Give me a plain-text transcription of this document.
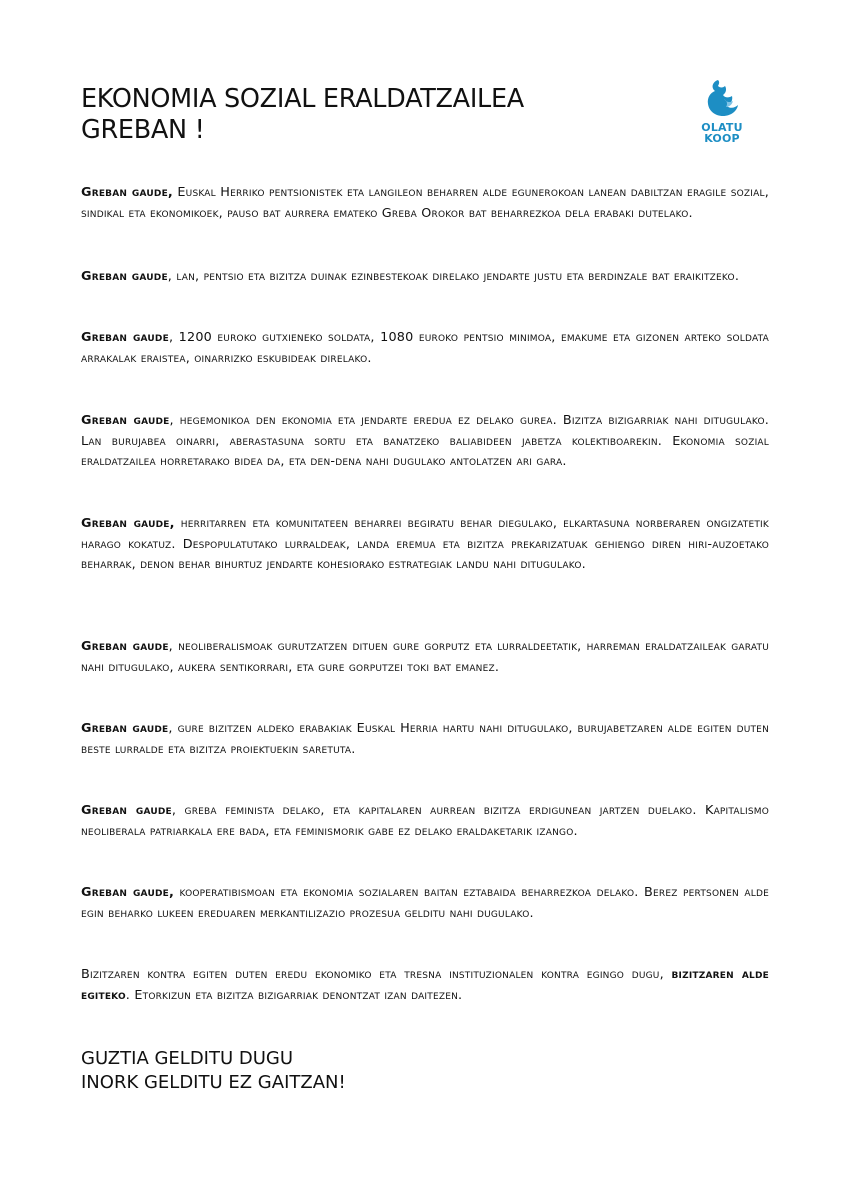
EKONOMIA SOZIAL ERALDATZAILEA
GREBAN !	OLATU
KOOP

Greban gaude, Euskal Herriko pentsionistek eta langileon beharren alde egunerokoan lanean dabiltzan eragile sozial, sindikal eta ekonomikoek, pauso bat aurrera emateko Greba Orokor bat beharrezkoa dela erabaki dutelako.

Greban gaude, lan, pentsio eta bizitza duinak ezinbestekoak direlako jendarte justu eta berdinzale bat eraikitzeko.

Greban gaude, 1200 euroko gutxieneko soldata, 1080 euroko pentsio minimoa, emakume eta gizonen arteko soldata arrakalak eraistea, oinarrizko eskubideak direlako.

Greban gaude, hegemonikoa den ekonomia eta jendarte eredua ez delako gurea. Bizitza bizigarriak nahi ditugulako. Lan burujabea oinarri, aberastasuna sortu eta banatzeko baliabideen jabetza kolektiboarekin. Ekonomia sozial eraldatzailea horretarako bidea da, eta den-dena nahi dugulako antolatzen ari gara.

Greban gaude, herritarren eta komunitateen beharrei begiratu behar diegulako, elkartasuna norberaren ongizatetik harago kokatuz. Despopulatutako lurraldeak, landa eremua eta bizitza prekarizatuak gehiengo diren hiri-auzoetako beharrak, denon behar bihurtuz jendarte kohesiorako estrategiak landu nahi ditugulako.

Greban gaude, neoliberalismoak gurutzatzen dituen gure gorputz eta lurraldeetatik, harreman eraldatzaileak garatu nahi ditugulako, aukera sentikorrari, eta gure gorputzei toki bat emanez.

Greban gaude, gure bizitzen aldeko erabakiak Euskal Herria hartu nahi ditugulako, burujabetzaren alde egiten duten beste lurralde eta bizitza proiektuekin saretuta.

Greban gaude, greba feminista delako, eta kapitalaren aurrean bizitza erdigunean jartzen duelako. Kapitalismo neoliberala patriarkala ere bada, eta feminismorik gabe ez delako eraldaketarik izango.

Greban gaude, kooperatibismoan eta ekonomia sozialaren baitan eztabaida beharrezkoa delako. Berez pertsonen alde egin beharko lukeen ereduaren merkantilizazio prozesua gelditu nahi dugulako.

Bizitzaren kontra egiten duten eredu ekonomiko eta tresna instituzionalen kontra egingo dugu, bizitzaren alde egiteko. Etorkizun eta bizitza bizigarriak denontzat izan daitezen.

GUZTIA GELDITU DUGU
INORK GELDITU EZ GAITZAN!
